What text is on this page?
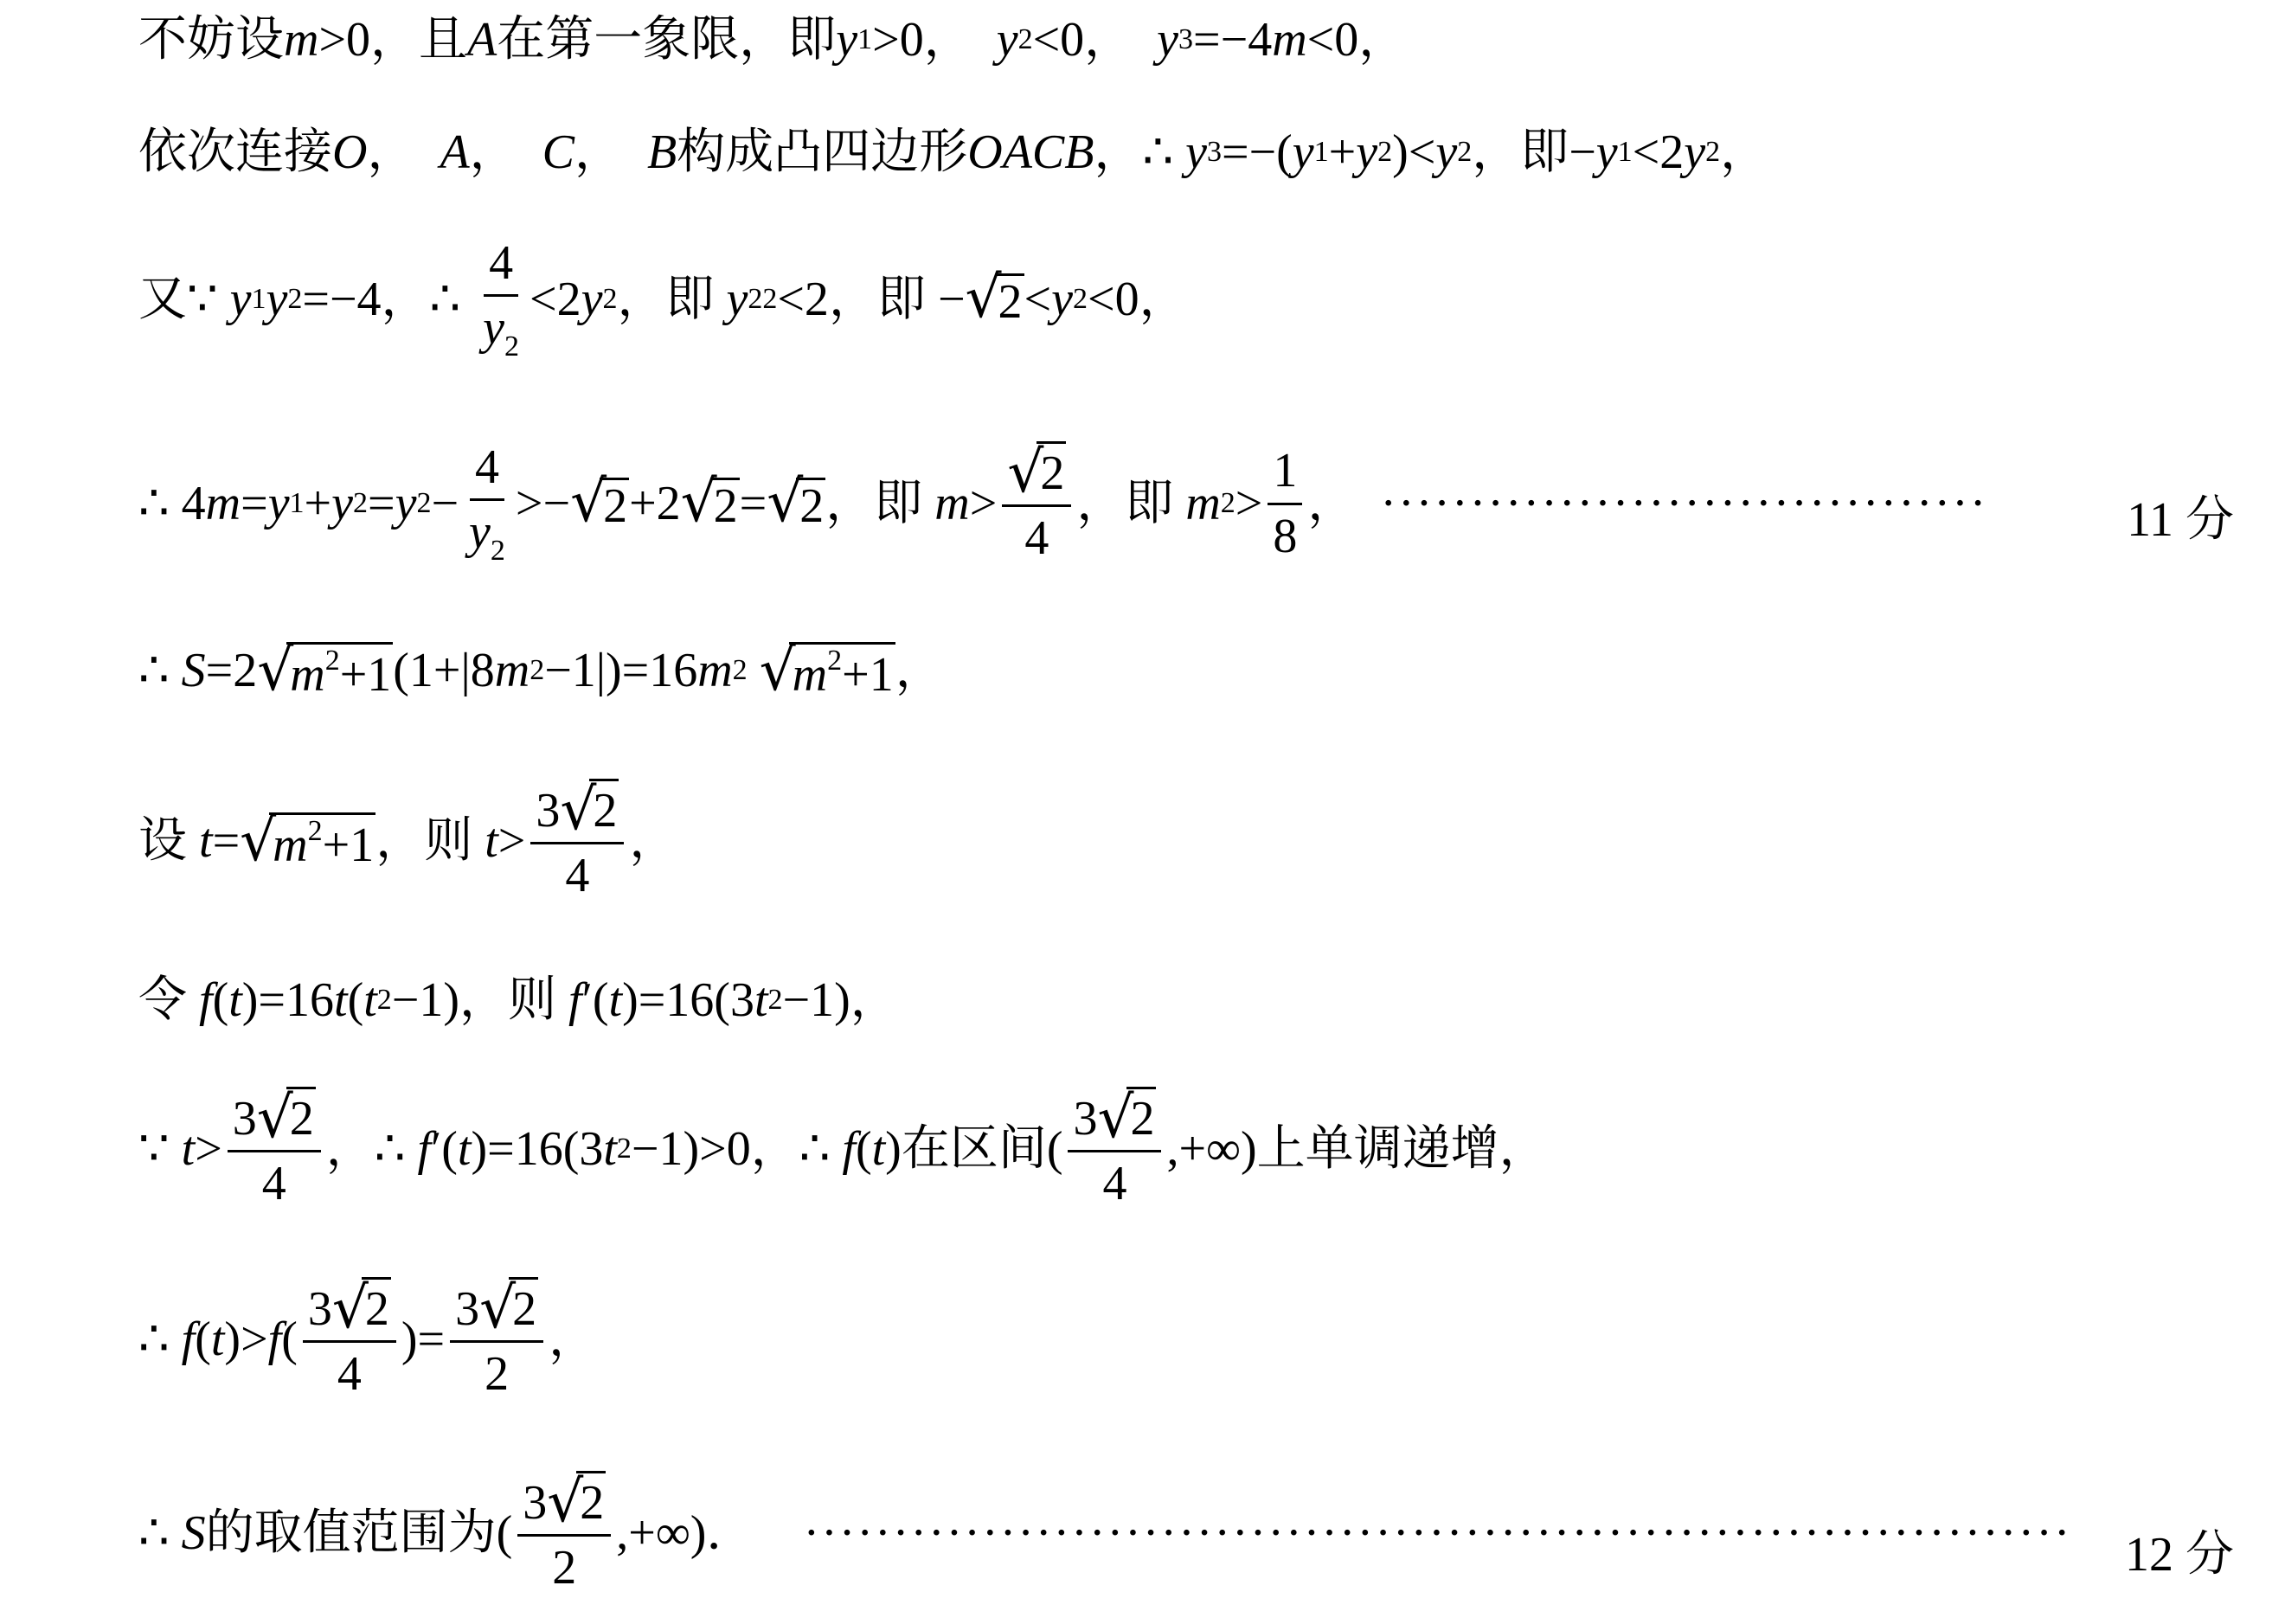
不妨设 m > 0 ，且 A 在第一象限，即 y 1 > 0 ， y 2 < 0 ， y 3 = −4 m < 0 ，
依次连接 O ， A ， C ， B 构成凸四边形 OACB ，∴ y 3 =−( y 1 + y 2 )< y 2 ，即 − y 1 <2 y 2 ，
又∵ y 1 y 2 =−4 ，∴ $\frac{4}{y_2} <2$ y 2 ，即 y 2 2 <2 ，即 − √
2 < y 2 <0 ，
∴ 4 m = y 1 + y 2 = y $2 - \frac{4}{y_2}$ >− √
2 +2 √
2 = √
2 ，即 m > √
2
4 ，即 m $2 > \frac{1}{8}$ ， ··································	11 分
∴ S =2 √
$m^2+1$ (1+|8 m 2 −1|)=16 m 2 √
$m^2+1$ ，
设 t = √
$m^2+1$ ，则 t > 3 √
2
4 ，
令 f ( t )=16 t ( t 2 −1) ，则 f ′( t )=16(3 t 2 −1) ，
∵ t > 3 √
2
4 ，∴ f ′( t )=16(3 t 2 −1)>0 ，∴ f ( t ) 在区间 ( 3 √
2
4 ,+∞) 上单调递增，
∴ f ( t )> f ( 3 √
2
4 )= 3 √
2
2 ，
∴ S 的取值范围为 ( 3 √
2
2 ,+∞) ． ······································································· 12 分
